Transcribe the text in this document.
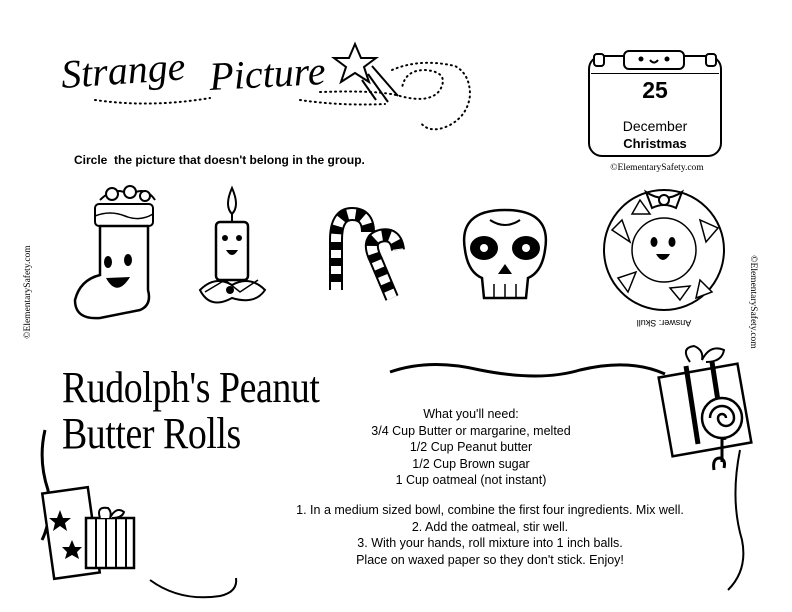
Strange Picture
Circle  the picture that doesn't belong in the group.
25
December
Christmas
©ElementarySafety.com
©ElementarySafety.com	©ElementarySafety.com
Answer: Skull
Rudolph's Peanut
Butter Rolls	What you'll need:
3/4 Cup Butter or margarine, melted
1/2 Cup Peanut butter
1/2 Cup Brown sugar
1 Cup oatmeal (not instant)
1. In a medium sized bowl, combine the first four ingredients. Mix well.
2. Add the oatmeal, stir well.
3. With your hands, roll mixture into 1 inch balls.
Place on waxed paper so they don't stick. Enjoy!
